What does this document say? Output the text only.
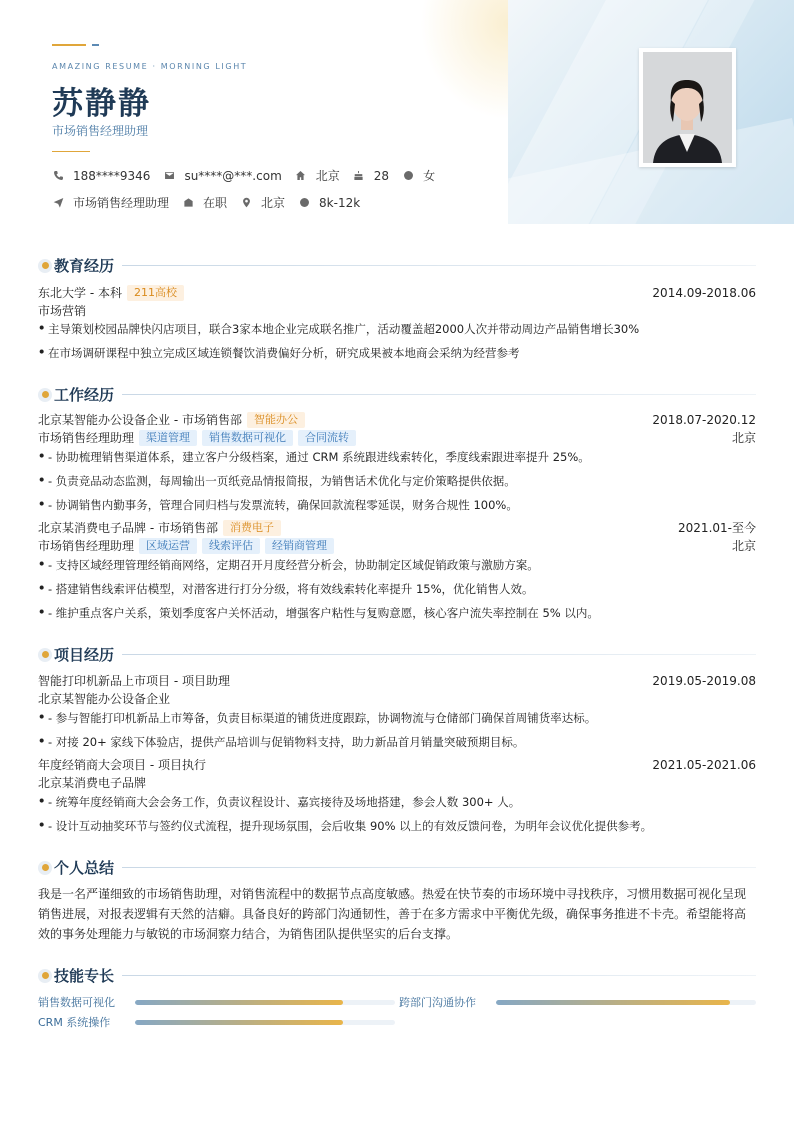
AMAZING RESUME · MORNING LIGHT
苏静静
市场销售经理助理
188****9346	su****@***.com	北京	28	女
市场销售经理助理	在职	北京	8k-12k
教育经历
东北大学 - 本科	211高校	2014.09-2018.06
市场营销
• 主导策划校园品牌快闪店项目，联合3家本地企业完成联名推广，活动覆盖超2000人次并带动周边产品销售增长30%
• 在市场调研课程中独立完成区域连锁餐饮消费偏好分析，研究成果被本地商会采纳为经营参考
工作经历
北京某智能办公设备企业 - 市场销售部	智能办公	2018.07-2020.12
市场销售经理助理	渠道管理	销售数据可视化	合同流转	北京
• - 协助梳理销售渠道体系，建立客户分级档案，通过 CRM 系统跟进线索转化，季度线索跟进率提升 25%。
• - 负责竞品动态监测，每周输出一页纸竞品情报简报，为销售话术优化与定价策略提供依据。
• - 协调销售内勤事务，管理合同归档与发票流转，确保回款流程零延误，财务合规性 100%。
北京某消费电子品牌 - 市场销售部	消费电子	2021.01-至今
市场销售经理助理	区域运营	线索评估	经销商管理	北京
• - 支持区域经理管理经销商网络，定期召开月度经营分析会，协助制定区域促销政策与激励方案。
• - 搭建销售线索评估模型，对潜客进行打分分级，将有效线索转化率提升 15%，优化销售人效。
• - 维护重点客户关系，策划季度客户关怀活动，增强客户粘性与复购意愿，核心客户流失率控制在 5% 以内。
项目经历
智能打印机新品上市项目 - 项目助理	2019.05-2019.08
北京某智能办公设备企业
• - 参与智能打印机新品上市筹备，负责目标渠道的铺货进度跟踪，协调物流与仓储部门确保首周铺货率达标。
• - 对接 20+ 家线下体验店，提供产品培训与促销物料支持，助力新品首月销量突破预期目标。
年度经销商大会项目 - 项目执行	2021.05-2021.06
北京某消费电子品牌
• - 统筹年度经销商大会会务工作，负责议程设计、嘉宾接待及场地搭建，参会人数 300+ 人。
• - 设计互动抽奖环节与签约仪式流程，提升现场氛围，会后收集 90% 以上的有效反馈问卷，为明年会议优化提供参考。
个人总结
我是一名严谨细致的市场销售助理，对销售流程中的数据节点高度敏感。热爱在快节奏的市场环境中寻找秩序，习惯用数据可视化呈现销售进展，对报表逻辑有天然的洁癖。具备良好的跨部门沟通韧性，善于在多方需求中平衡优先级，确保事务推进不卡壳。希望能将高效的事务处理能力与敏锐的市场洞察力结合，为销售团队提供坚实的后台支撑。
技能专长
销售数据可视化	跨部门沟通协作
CRM 系统操作
